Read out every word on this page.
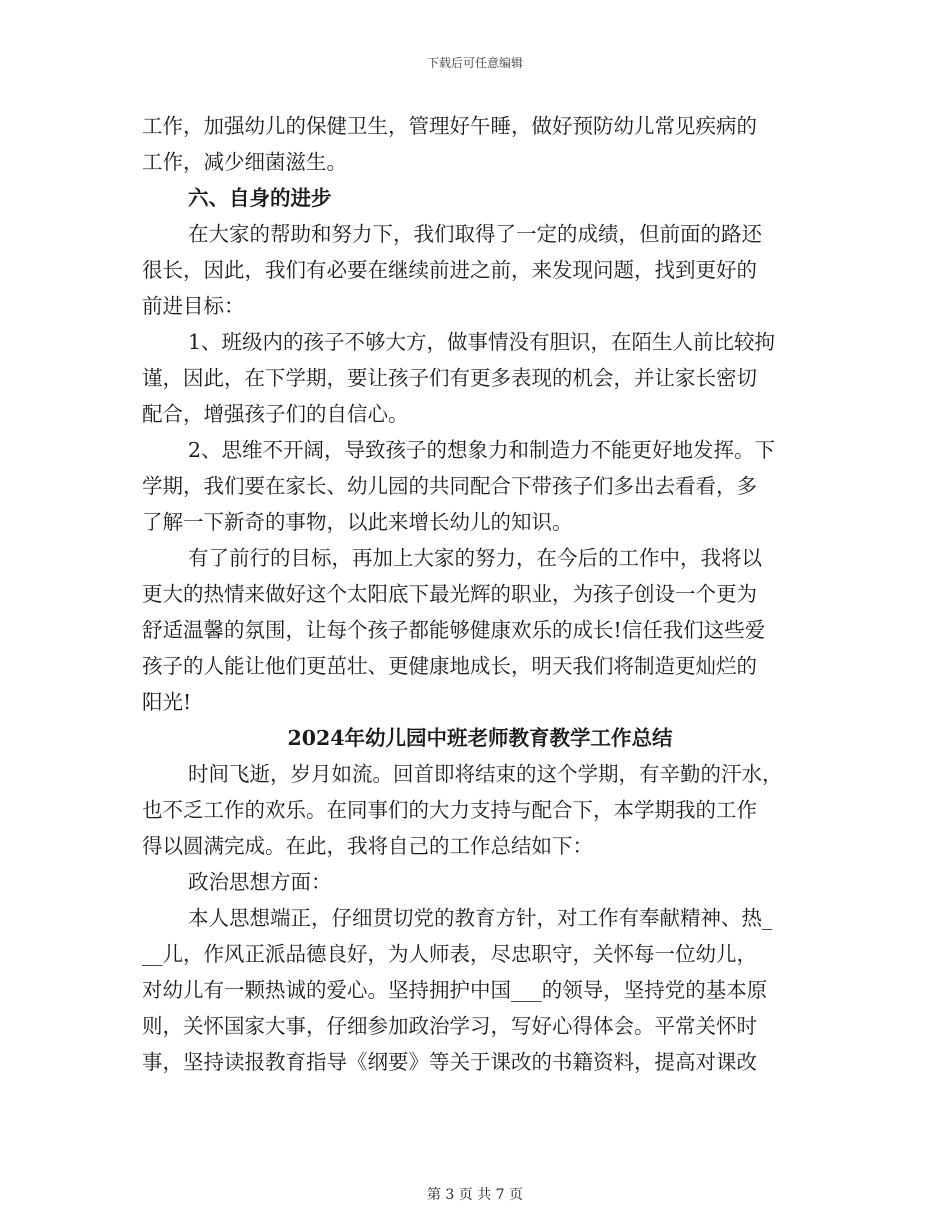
下载后可任意编辑
工作，加强幼儿的保健卫生，管理好午睡，做好预防幼儿常见疾病的
工作，减少细菌滋生。
六、自身的进步
在大家的帮助和努力下，我们取得了一定的成绩，但前面的路还
很长，因此，我们有必要在继续前进之前，来发现问题，找到更好的
前进目标：
1、班级内的孩子不够大方，做事情没有胆识，在陌生人前比较拘
谨，因此，在下学期，要让孩子们有更多表现的机会，并让家长密切
配合，增强孩子们的自信心。
2、思维不开阔，导致孩子的想象力和制造力不能更好地发挥。下
学期，我们要在家长、幼儿园的共同配合下带孩子们多出去看看，多
了解一下新奇的事物，以此来增长幼儿的知识。
有了前行的目标，再加上大家的努力，在今后的工作中，我将以
更大的热情来做好这个太阳底下最光辉的职业，为孩子创设一个更为
舒适温馨的氛围，让每个孩子都能够健康欢乐的成长!信任我们这些爱
孩子的人能让他们更茁壮、更健康地成长，明天我们将制造更灿烂的
阳光!
2024年幼儿园中班老师教育教学工作总结
时间飞逝，岁月如流。回首即将结束的这个学期，有辛勤的汗水，
也不乏工作的欢乐。在同事们的大力支持与配合下，本学期我的工作
得以圆满完成。在此，我将自己的工作总结如下：
政治思想方面：
本人思想端正，仔细贯切党的教育方针，对工作有奉献精神、热_
__儿，作风正派品德良好，为人师表，尽忠职守，关怀每一位幼儿，
对幼儿有一颗热诚的爱心。坚持拥护中国___的领导，坚持党的基本原
则，关怀国家大事，仔细参加政治学习，写好心得体会。平常关怀时
事，坚持读报教育指导《纲要》等关于课改的书籍资料，提高对课改
第 3 页 共 7 页
